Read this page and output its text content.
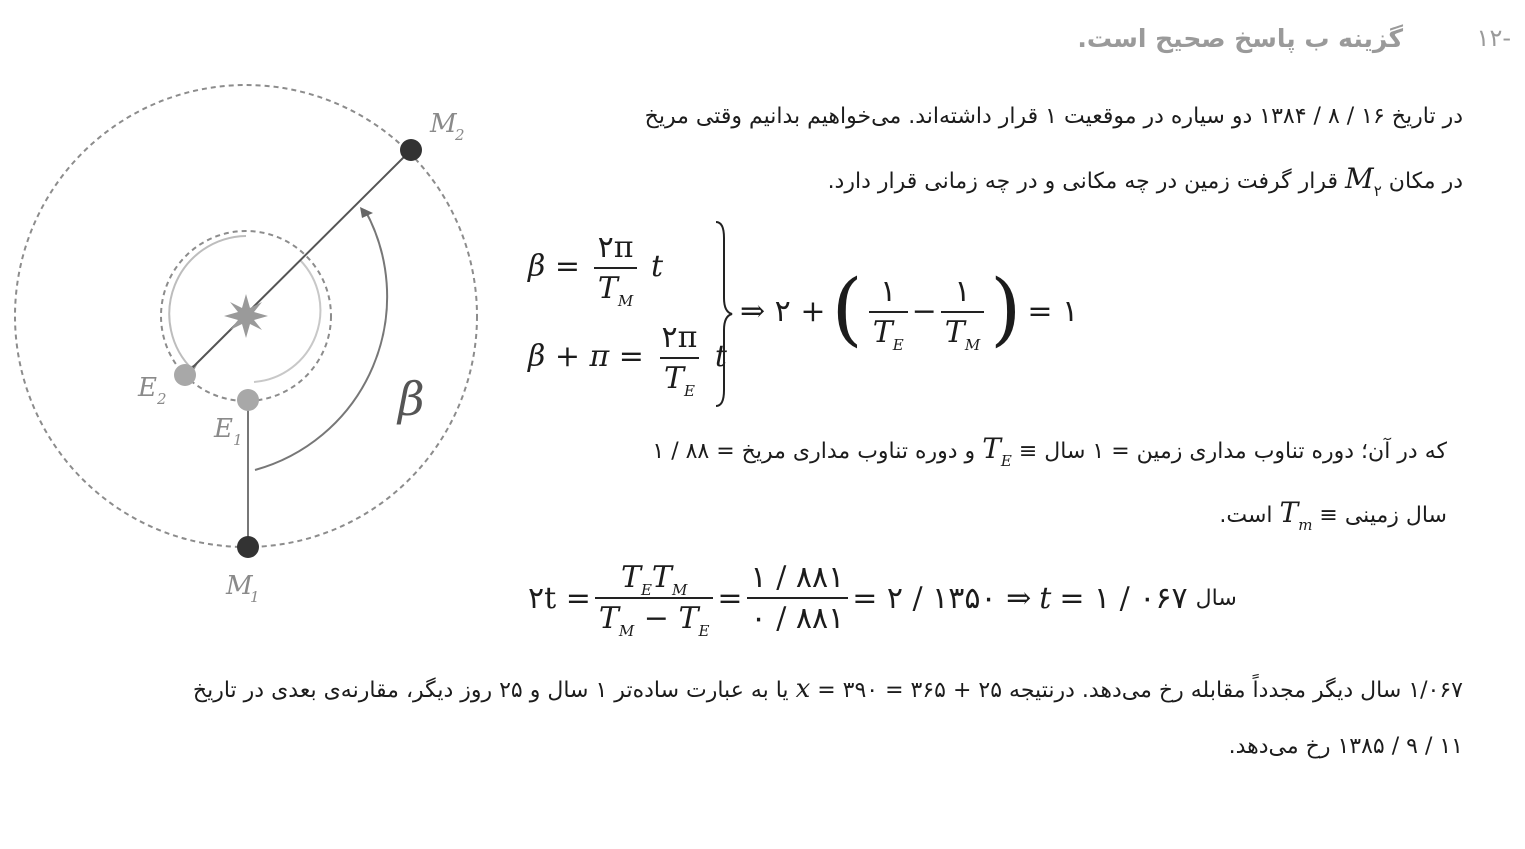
۱۲-
گزینه ب پاسخ صحیح است.
M
2
M
1
E 2
E 1
β
در تاریخ ۱۶ / ۸ / ۱۳۸۴ دو سیاره در موقعیت ۱ قرار داشته‌اند. می‌خواهیم بدانیم وقتی مریخ
در مکان $M_۲$ قرار گرفت زمین در چه مکانی و در چه زمانی قرار دارد.
$\beta = \frac{۲\pi}{T_M}$ t
$\beta + \pi = \frac{۲\pi}{T_E}$ t
⇒ ۲ + ( $\frac{۱}{T_E} - \frac{۱}{T_M}$ ) = ۱
که در آن؛ دوره تناوب مداری زمین = ۱ سال ≡ $T_E$ و دوره تناوب مداری مریخ = ۸۸ / ۱
سال زمینی ≡ $T_m$ است.
۲t = $\frac{T_ET_M}{T_M - T_E} = \frac{۱ / ۸۸۱}{۰ / ۸۸۱}$ = ۲ / ۱۳۵۰ ⇒ t = ۱ / ۰۶۷ سال
۱/۰۶۷ سال دیگر مجدداً مقابله رخ می‌دهد. درنتیجه ۲۵ + ۳۶۵ = ۳۹۰ = x یا به عبارت ساده‌تر ۱ سال و ۲۵ روز دیگر، مقارنه‌ی بعدی در تاریخ
۱۱ / ۹ / ۱۳۸۵ رخ می‌دهد.
